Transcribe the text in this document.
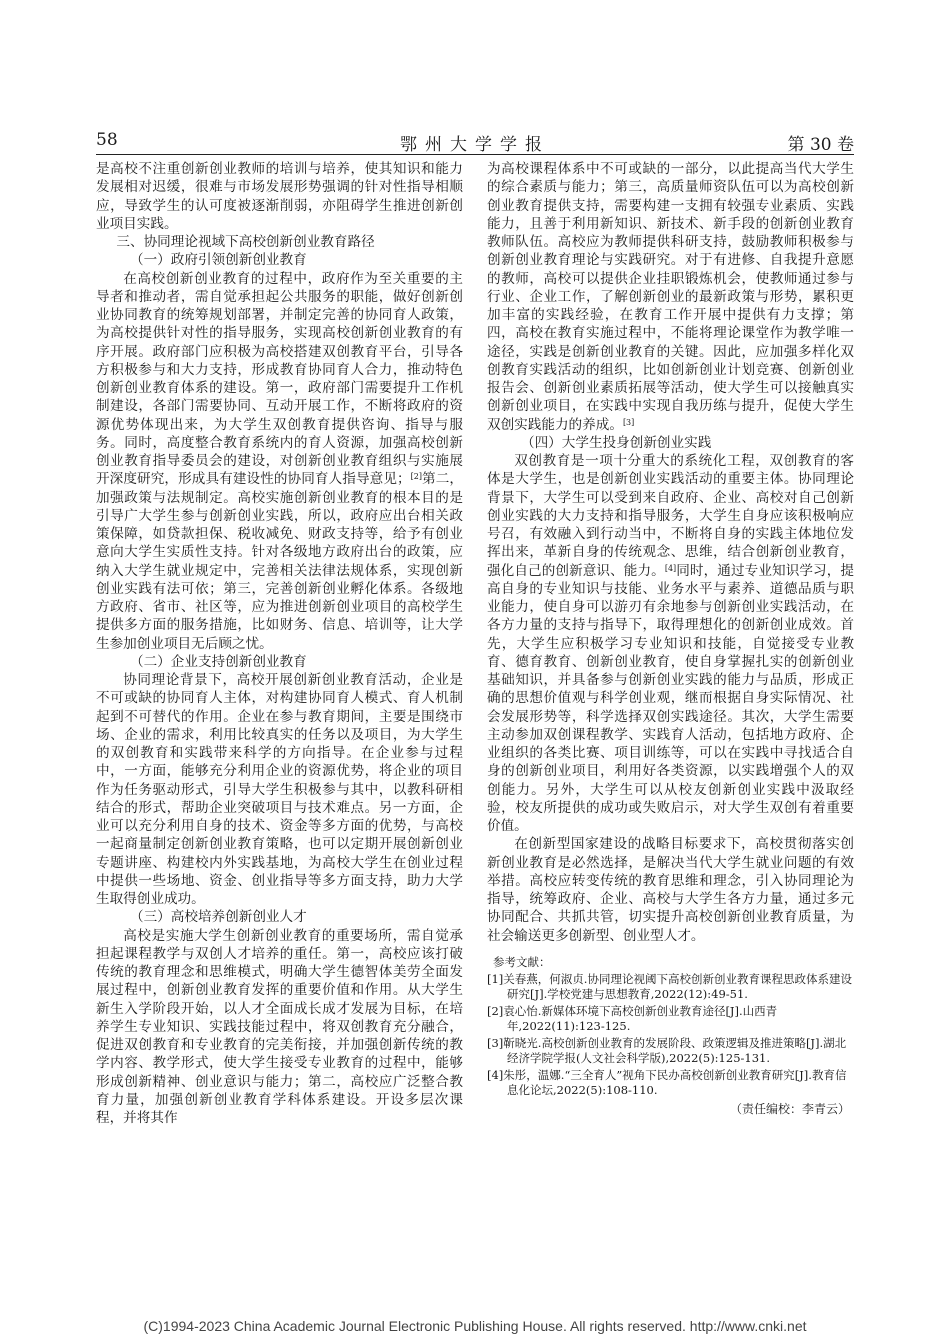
58	鄂州大学学报	第 30 卷

是高校不注重创新创业教师的培训与培养，使其知识和能力发展相对迟缓，很难与市场发展形势强调的针对性指导相顺应，导致学生的认可度被逐渐削弱，亦阻碍学生推进创新创业项目实践。

三、协同理论视域下高校创新创业教育路径
（一）政府引领创新创业教育

在高校创新创业教育的过程中，政府作为至关重要的主导者和推动者，需自觉承担起公共服务的职能，做好创新创业协同教育的统筹规划部署，并制定完善的协同育人政策，为高校提供针对性的指导服务，实现高校创新创业教育的有序开展。政府部门应积极为高校搭建双创教育平台，引导各方积极参与和大力支持，形成教育协同育人合力，推动特色创新创业教育体系的建设。第一，政府部门需要提升工作机制建设，各部门需要协同、互动开展工作，不断将政府的资源优势体现出来，为大学生双创教育提供咨询、指导与服务。同时，高度整合教育系统内的育人资源，加强高校创新创业教育指导委员会的建设，对创新创业教育组织与实施展开深度研究，形成具有建设性的协同育人指导意见；[2]第二，加强政策与法规制定。高校实施创新创业教育的根本目的是引导广大学生参与创新创业实践，所以，政府应出台相关政策保障，如贷款担保、税收减免、财政支持等，给予有创业意向大学生实质性支持。针对各级地方政府出台的政策，应纳入大学生就业规定中，完善相关法律法规体系，实现创新创业实践有法可依；第三，完善创新创业孵化体系。各级地方政府、省市、社区等，应为推进创新创业项目的高校学生提供多方面的服务措施，比如财务、信息、培训等，让大学生参加创业项目无后顾之忧。

（二）企业支持创新创业教育

协同理论背景下，高校开展创新创业教育活动，企业是不可或缺的协同育人主体，对构建协同育人模式、育人机制起到不可替代的作用。企业在参与教育期间，主要是围绕市场、企业的需求，利用比较真实的任务以及项目，为大学生的双创教育和实践带来科学的方向指导。在企业参与过程中，一方面，能够充分利用企业的资源优势，将企业的项目作为任务驱动形式，引导大学生积极参与其中，以教科研相结合的形式，帮助企业突破项目与技术难点。另一方面，企业可以充分利用自身的技术、资金等多方面的优势，与高校一起商量制定创新创业教育策略，也可以定期开展创新创业专题讲座、构建校内外实践基地，为高校大学生在创业过程中提供一些场地、资金、创业指导等多方面支持，助力大学生取得创业成功。

（三）高校培养创新创业人才

高校是实施大学生创新创业教育的重要场所，需自觉承担起课程教学与双创人才培养的重任。第一，高校应该打破传统的教育理念和思维模式，明确大学生德智体美劳全面发展过程中，创新创业教育发挥的重要价值和作用。从大学生新生入学阶段开始，以人才全面成长成才发展为目标，在培养学生专业知识、实践技能过程中，将双创教育充分融合，促进双创教育和专业教育的完美衔接，并加强创新传统的教学内容、教学形式，使大学生接受专业教育的过程中，能够形成创新精神、创业意识与能力；第二，高校应广泛整合教育力量，加强创新创业教育学科体系建设。开设多层次课程，并将其作

为高校课程体系中不可或缺的一部分，以此提高当代大学生的综合素质与能力；第三，高质量师资队伍可以为高校创新创业教育提供支持，需要构建一支拥有较强专业素质、实践能力，且善于利用新知识、新技术、新手段的创新创业教育教师队伍。高校应为教师提供科研支持，鼓励教师积极参与创新创业教育理论与实践研究。对于有进修、自我提升意愿的教师，高校可以提供企业挂职锻炼机会，使教师通过参与行业、企业工作，了解创新创业的最新政策与形势，累积更加丰富的实践经验，在教育工作开展中提供有力支撑；第四，高校在教育实施过程中，不能将理论课堂作为教学唯一途径，实践是创新创业教育的关键。因此，应加强多样化双创教育实践活动的组织，比如创新创业计划竞赛、创新创业报告会、创新创业素质拓展等活动，使大学生可以接触真实创新创业项目，在实践中实现自我历练与提升，促使大学生双创实践能力的养成。[3]

（四）大学生投身创新创业实践

双创教育是一项十分重大的系统化工程，双创教育的客体是大学生，也是创新创业实践活动的重要主体。协同理论背景下，大学生可以受到来自政府、企业、高校对自己创新创业实践的大力支持和指导服务，大学生自身应该积极响应号召，有效融入到行动当中，不断将自身的实践主体地位发挥出来，革新自身的传统观念、思维，结合创新创业教育，强化自己的创新意识、能力。[4]同时，通过专业知识学习，提高自身的专业知识与技能、业务水平与素养、道德品质与职业能力，使自身可以游刃有余地参与创新创业实践活动，在各方力量的支持与指导下，取得理想化的创新创业成效。首先，大学生应积极学习专业知识和技能，自觉接受专业教育、德育教育、创新创业教育，使自身掌握扎实的创新创业基础知识，并具备参与创新创业实践的能力与品质，形成正确的思想价值观与科学创业观，继而根据自身实际情况、社会发展形势等，科学选择双创实践途径。其次，大学生需要主动参加双创课程教学、实践育人活动，包括地方政府、企业组织的各类比赛、项目训练等，可以在实践中寻找适合自身的创新创业项目，利用好各类资源，以实践增强个人的双创能力。另外，大学生可以从校友创新创业实践中汲取经验，校友所提供的成功或失败启示，对大学生双创有着重要价值。

在创新型国家建设的战略目标要求下，高校贯彻落实创新创业教育是必然选择，是解决当代大学生就业问题的有效举措。高校应转变传统的教育思维和理念，引入协同理论为指导，统筹政府、企业、高校与大学生各方力量，通过多元协同配合、共抓共管，切实提升高校创新创业教育质量，为社会输送更多创新型、创业型人才。

参考文献：
[1]关春燕，何淑贞.协同理论视阈下高校创新创业教育课程思政体系建设研究[J].学校党建与思想教育,2022(12):49-51.
[2]袁心怡.新媒体环境下高校创新创业教育途径[J].山西青年,2022(11):123-125.
[3]靳晓光.高校创新创业教育的发展阶段、政策逻辑及推进策略[J].湖北经济学院学报(人文社会科学版),2022(5):125-131.
[4]朱彤，温娜.“三全育人”视角下民办高校创新创业教育研究[J].教育信息化论坛,2022(5):108-110.
（责任编校：李青云）
(C)1994-2023 China Academic Journal Electronic Publishing House. All rights reserved. http://www.cnki.net
